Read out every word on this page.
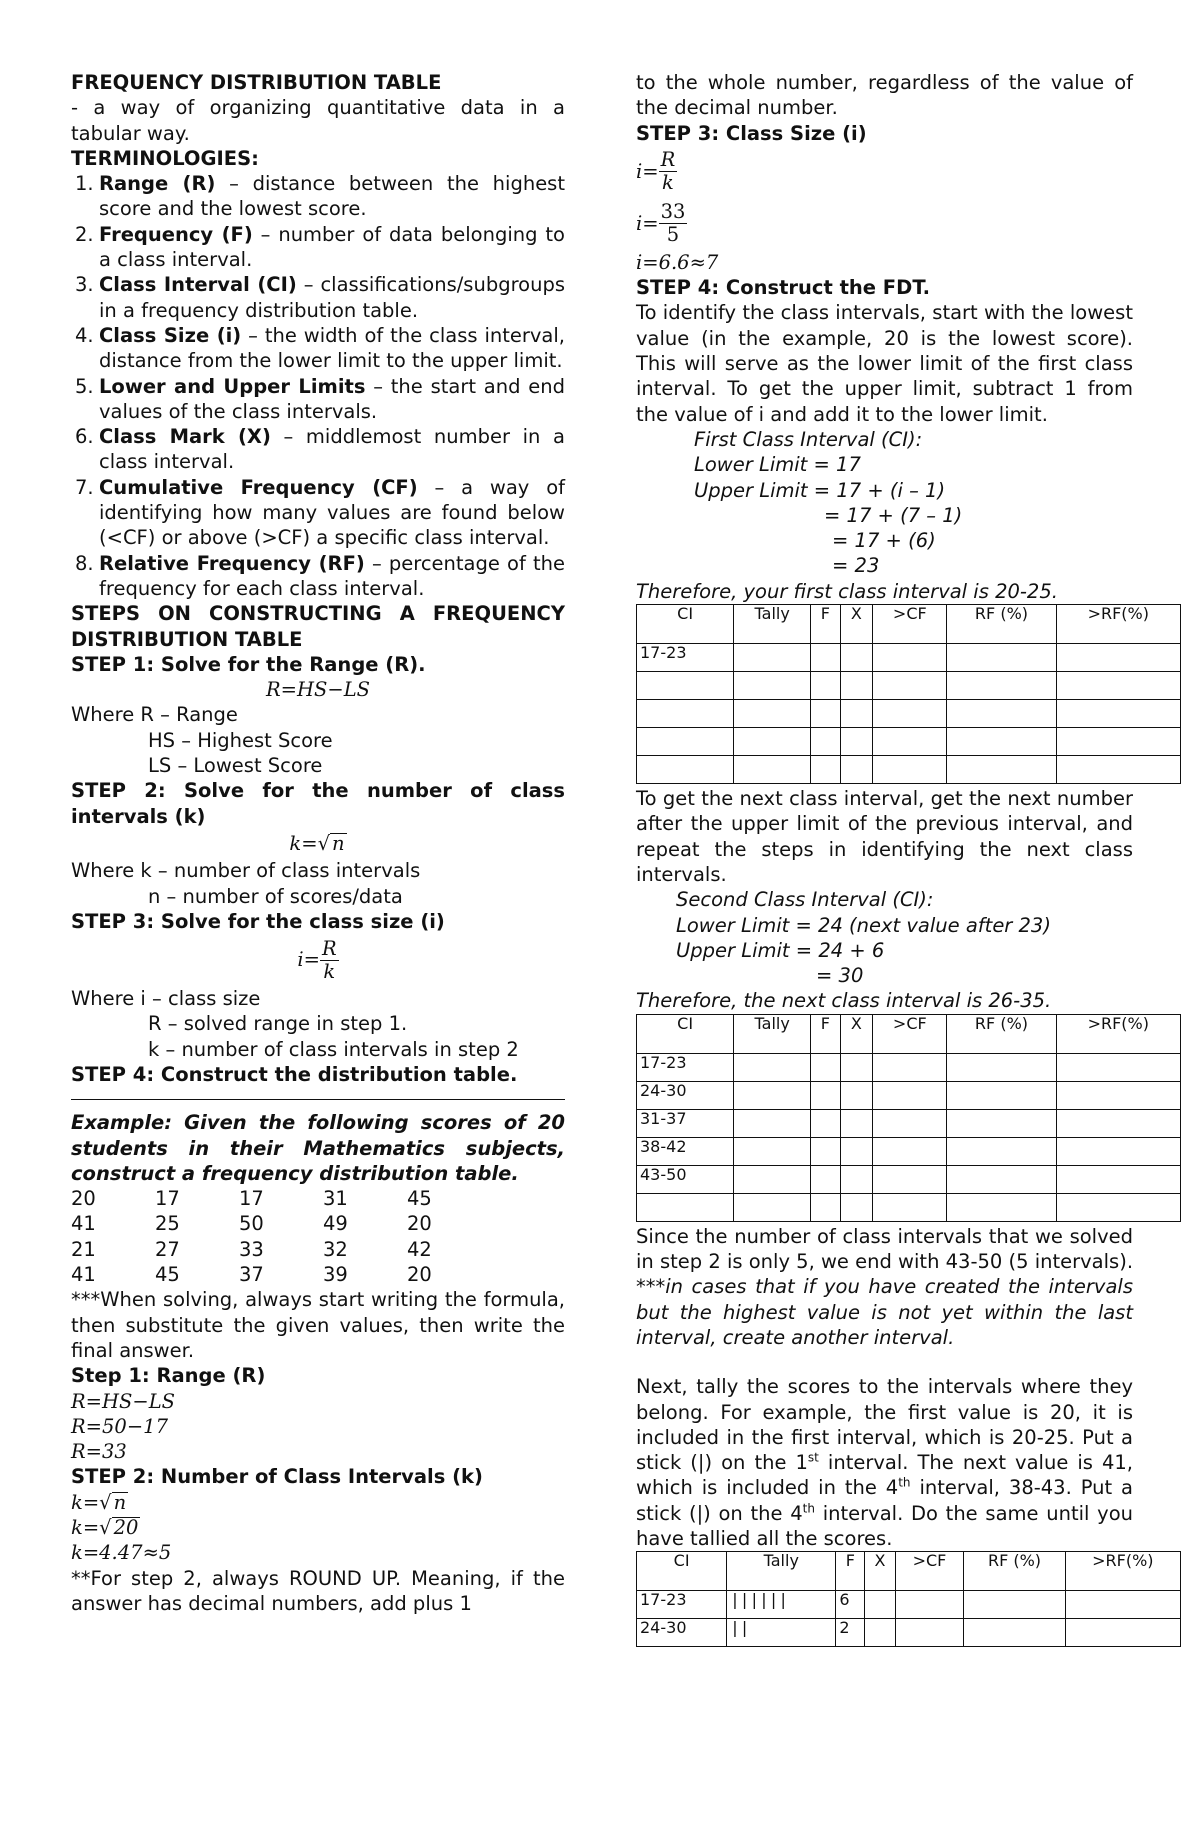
FREQUENCY DISTRIBUTION TABLE

- a way of organizing quantitative data in a tabular way.

TERMINOLOGIES:

1. Range (R) – distance between the highest score and the lowest score.
2. Frequency (F) – number of data belonging to a class interval.
3. Class Interval (CI) – classifications/subgroups in a frequency distribution table.
4. Class Size (i) – the width of the class interval, distance from the lower limit to the upper limit.
5. Lower and Upper Limits – the start and end values of the class intervals.
6. Class Mark (X) – middlemost number in a class interval.
7. Cumulative Frequency (CF) – a way of identifying how many values are found below (<CF) or above (>CF) a specific class interval.
8. Relative Frequency (RF) – percentage of the frequency for each class interval.

STEPS ON CONSTRUCTING A FREQUENCY DISTRIBUTION TABLE

STEP 1: Solve for the Range (R).

R=HS−LS

Where R – Range

HS – Highest Score

LS – Lowest Score

STEP 2: Solve for the number of class intervals (k)

k=√ n

Where k – number of class intervals

n – number of scores/data

STEP 3: Solve for the class size (i)

$i= \frac{R}{k}$

Where i – class size

R – solved range in step 1.

k – number of class intervals in step 2

STEP 4: Construct the distribution table.

Example: Given the following scores of 20 students in their Mathematics subjects, construct a frequency distribution table.

20	17	17	31	45
41	25	50	49	20
21	27	33	32	42
41	45	37	39	20

***When solving, always start writing the formula, then substitute the given values, then write the final answer.

Step 1: Range (R)

R=HS−LS

R=50−17

R=33

STEP 2: Number of Class Intervals (k)

k=√ n

k=√ 20

k=4.47≈5

**For step 2, always ROUND UP. Meaning, if the answer has decimal numbers, add plus 1

to the whole number, regardless of the value of the decimal number.

STEP 3: Class Size (i)

$i= \frac{R}{k}$
$i= \frac{33}{5}$

i=6.6≈7

STEP 4: Construct the FDT.

To identify the class intervals, start with the lowest value (in the example, 20 is the lowest score). This will serve as the lower limit of the first class interval. To get the upper limit, subtract 1 from the value of i and add it to the lower limit.

First Class Interval (CI):

Lower Limit = 17

Upper Limit = 17 + (i – 1)

= 17 + (7 – 1)

= 17 + (6)

= 23

Therefore, your first class interval is 20-25.

CI	Tally	F	X	>CF	RF (%)	>RF(%)
17-23						

To get the next class interval, get the next number after the upper limit of the previous interval, and repeat the steps in identifying the next class intervals.

Second Class Interval (CI):

Lower Limit = 24 (next value after 23)

Upper Limit = 24 + 6

= 30

Therefore, the next class interval is 26-35.

CI	Tally	F	X	>CF	RF (%)	>RF(%)
17-23						
24-30						
31-37						
38-42						
43-50						

Since the number of class intervals that we solved in step 2 is only 5, we end with 43-50 (5 intervals).

***in cases that if you have created the intervals but the highest value is not yet within the last interval, create another interval.

Next, tally the scores to the intervals where they belong. For example, the first value is 20, it is included in the first interval, which is 20-25. Put a stick (|) on the 1st interval. The next value is 41, which is included in the 4th interval, 38-43. Put a stick (|) on the 4th interval. Do the same until you have tallied all the scores.

CI	Tally	F	X	>CF	RF (%)	>RF(%)
17-23	||||||	6				
24-30	||	2				
